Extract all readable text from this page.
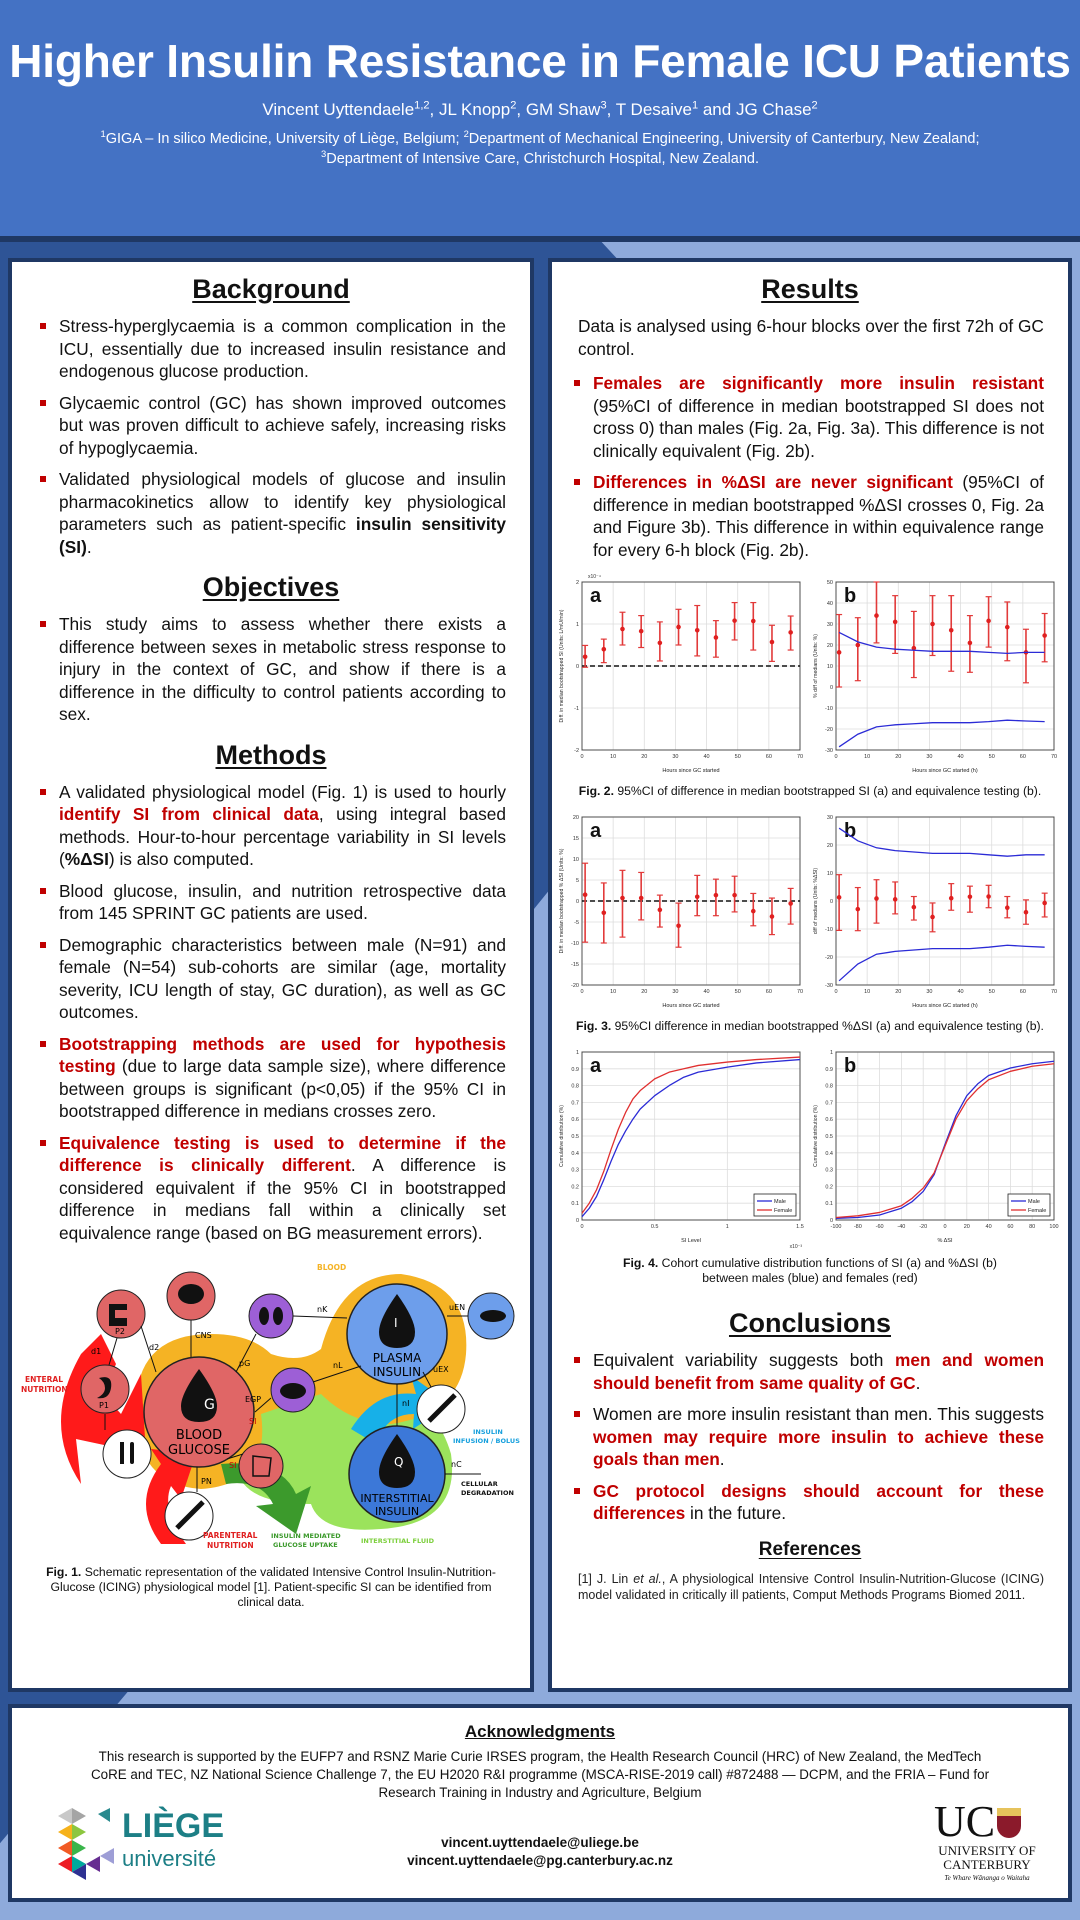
Higher Insulin Resistance in Female ICU Patients
Vincent Uyttendaele$^{1,2}$, JL Knopp$^2$, GM Shaw$^3$, T Desaive$^1$ and JG Chase$^2$
$^1$GIGA – In silico Medicine, University of Liège, Belgium; $^2$Department of Mechanical Engineering, University of Canterbury, New Zealand;
$^3$Department of Intensive Care, Christchurch Hospital, New Zealand.
Background
Stress-hyperglycaemia is a common complication in the ICU, essentially due to increased insulin resistance and endogenous glucose production.
Glycaemic control (GC) has shown improved outcomes but was proven difficult to achieve safely, increasing risks of hypoglycaemia.
Validated physiological models of glucose and insulin pharmacokinetics allow to identify key physiological parameters such as patient-specific insulin sensitivity (SI).
Objectives
This study aims to assess whether there exists a difference between sexes in metabolic stress response to injury in the context of GC, and show if there is a difference in the difficulty to control patients according to sex.
Methods
A validated physiological model (Fig. 1) is used to hourly identify SI from clinical data, using integral based methods. Hour-to-hour percentage variability in SI levels (%ΔSI) is also computed.
Blood glucose, insulin, and nutrition retrospective data from 145 SPRINT GC patients are used.
Demographic characteristics between male (N=91) and female (N=54) sub-cohorts are similar (age, mortality severity, ICU length of stay, GC duration), as well as GC outcomes.
Bootstrapping methods are used for hypothesis testing (due to large data sample size), where difference between groups is significant (p<0,05) if the 95% CI in bootstrapped difference in medians crosses zero.
Equivalence testing is used to determine if the difference is clinically different. A difference is considered equivalent if the 95% CI in bootstrapped difference in medians fall within a clinically set equivalence range (based on BG measurement errors).
G
BLOOD
GLUCOSE
I
PLASMA
INSULIN
Q
INTERSTITIAL
INSULIN
CNS
EGP
SI
SI
PN
pG
nK
nL
nI
nC
uEN
uEX
d1	d2
P1
P2
BLOOD
ENTERAL
NUTRITION
PARENTERAL
NUTRITION
INSULIN
INFUSION / BOLUS
INSULIN MEDIATED
GLUCOSE UPTAKE	INTERSTITIAL FLUID
CELLULAR
DEGRADATION

Fig. 1. Schematic representation of the validated Intensive Control Insulin-Nutrition-Glucose (ICING) physiological model [1]. Patient-specific SI can be identified from clinical data.

Results

Data is analysed using 6-hour blocks over the first 72h of GC control.

Females are significantly more insulin resistant (95%CI of difference in median bootstrapped SI does not cross 0) than males (Fig. 2a, Fig. 3a). This difference is not clinically equivalent (Fig. 2b).
Differences in %ΔSI are never significant (95%CI of difference in median bootstrapped %ΔSI crosses 0, Fig. 2a and Figure 3b). This difference in within equivalence range for every 6-h block (Fig. 2b).
0	10	20	30	40	50	60	70
-2
-1
0
1
2
Hours since GC started
Diff. in median bootstrapped SI (Units: L/mU/min)
x10⁻⁴
a
0	10	20	30	40	50	60	70
-30
-20
-10
0
10
20
30
40
50
Hours since GC started (h)
% diff of medians (Units: %)
b

Fig. 2. 95%CI of difference in median bootstrapped SI (a) and equivalence testing (b).

0	10	20	30	40	50	60	70
-20
-15
-10
-5
0
5
10
15
20
Hours since GC started
Diff. in median bootstrapped % ΔSI (Units: %)
a
0	10	20	30	40	50	60	70
-30
-20
-10
0
10
20
30
Hours since GC started (h)
diff of medians (Units: %ΔSI)
b

Fig. 3. 95%CI difference in median bootstrapped %ΔSI (a) and equivalence testing (b).

0	0.5	1	1.5
0
0.1
0.2
0.3
0.4
0.5
0.6
0.7
0.8
0.9
1
SI Level
Cumulative distribution (%)
x10⁻³
a
Male
Female
-100 -80	-60	-40	-20	0	20	40	60	80	100
0
0.1
0.2
0.3
0.4
0.5
0.6
0.7
0.8
0.9
1
% ΔSI
Cumulative distribution (%)
b
Male
Female

Fig. 4. Cohort cumulative distribution functions of SI (a) and %ΔSI (b) between males (blue) and females (red)

Conclusions
Equivalent variability suggests both men and women should benefit from same quality of GC.
Women are more insulin resistant than men. This suggests women may require more insulin to achieve these goals than men.
GC protocol designs should account for these differences in the future.
References

[1] J. Lin et al., A physiological Intensive Control Insulin-Nutrition-Glucose (ICING) model validated in critically ill patients, Comput Methods Programs Biomed 2011.

Acknowledgments

This research is supported by the EUFP7 and RSNZ Marie Curie IRSES program, the Health Research Council (HRC) of New Zealand, the MedTech CoRE and TEC, NZ National Science Challenge 7, the EU H2020 R&I programme (MSCA-RISE-2019 call) #872488 — DCPM, and the FRIA – Fund for Research Training in Industry and Agriculture, Belgium

LIÈGE
université
vincent.uyttendaele@uliege.be
vincent.uyttendaele@pg.canterbury.ac.nz
UC
UNIVERSITY OF
CANTERBURY
Te Whare Wānanga o Waitaha
